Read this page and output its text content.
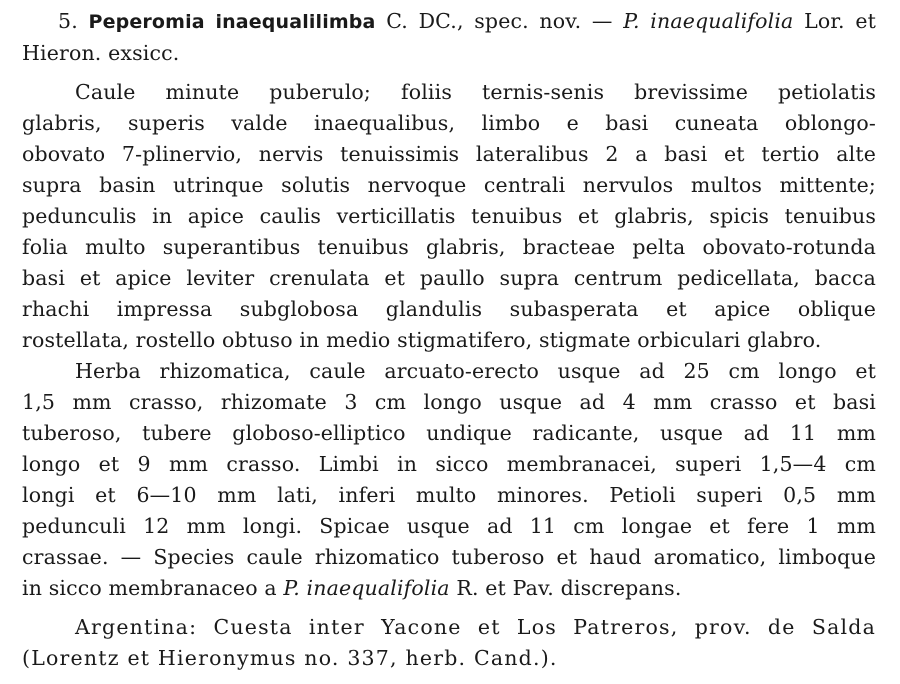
5. Peperomia inaequalilimba C. DC., spec. nov. — P. inaequalifolia Lor. et
Hieron. exsicc.
Caule minute puberulo; foliis ternis-senis brevissime petiolatis
glabris, superis valde inaequalibus, limbo e basi cuneata oblongo-
obovato 7-plinervio, nervis tenuissimis lateralibus 2 a basi et tertio alte
supra basin utrinque solutis nervoque centrali nervulos multos mittente;
pedunculis in apice caulis verticillatis tenuibus et glabris, spicis tenuibus
folia multo superantibus tenuibus glabris, bracteae pelta obovato-rotunda
basi et apice leviter crenulata et paullo supra centrum pedicellata, bacca
rhachi impressa subglobosa glandulis subasperata et apice oblique
rostellata, rostello obtuso in medio stigmatifero, stigmate orbiculari glabro.
Herba rhizomatica, caule arcuato-erecto usque ad 25 cm longo et
1,5 mm crasso, rhizomate 3 cm longo usque ad 4 mm crasso et basi
tuberoso, tubere globoso-elliptico undique radicante, usque ad 11 mm
longo et 9 mm crasso. Limbi in sicco membranacei, superi 1,5—4 cm
longi et 6—10 mm lati, inferi multo minores. Petioli superi 0,5 mm
pedunculi 12 mm longi. Spicae usque ad 11 cm longae et fere 1 mm
crassae. — Species caule rhizomatico tuberoso et haud aromatico, limboque
in sicco membranaceo a P. inaequalifolia R. et Pav. discrepans.
Argentina: Cuesta inter Yacone et Los Patreros, prov. de Salda
(Lorentz et Hieronymus no. 337, herb. Cand.).
